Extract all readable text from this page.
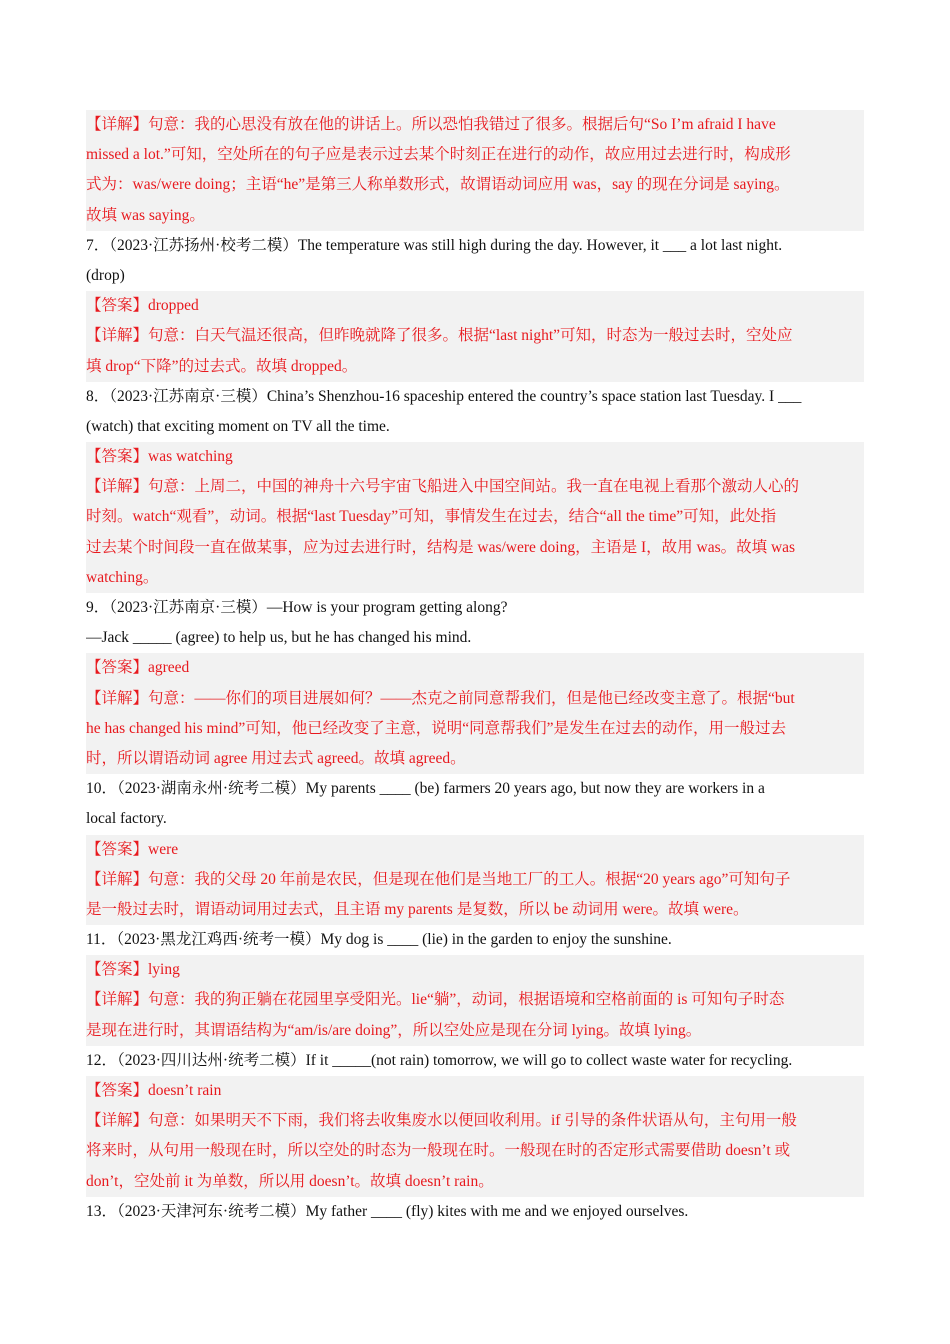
【详解】句意：我的心思没有放在他的讲话上。所以恐怕我错过了很多。根据后句“So I’m afraid I have
missed a lot.”可知，空处所在的句子应是表示过去某个时刻正在进行的动作，故应用过去进行时，构成形
式为：was/were doing；主语“he”是第三人称单数形式，故谓语动词应用 was，say 的现在分词是 saying。
故填 was saying。
7．（2023·江苏扬州·校考二模）The temperature was still high during the day. However, it ___ a lot last night.
(drop)
【答案】dropped
【详解】句意：白天气温还很高，但昨晚就降了很多。根据“last night”可知，时态为一般过去时，空处应
填 drop“下降”的过去式。故填 dropped。
8．（2023·江苏南京·三模）China’s Shenzhou-16 spaceship entered the country’s space station last Tuesday. I ___
(watch) that exciting moment on TV all the time.
【答案】was watching
【详解】句意：上周二，中国的神舟十六号宇宙飞船进入中国空间站。我一直在电视上看那个激动人心的
时刻。watch“观看”，动词。根据“last Tuesday”可知，事情发生在过去，结合“all the time”可知，此处指
过去某个时间段一直在做某事，应为过去进行时，结构是 was/were doing，主语是 I，故用 was。故填 was
watching。
9．（2023·江苏南京·三模）—How is your program getting along?
—Jack _____ (agree) to help us, but he has changed his mind.
【答案】agreed
【详解】句意：——你们的项目进展如何？——杰克之前同意帮我们，但是他已经改变主意了。根据“but
he has changed his mind”可知，他已经改变了主意，说明“同意帮我们”是发生在过去的动作，用一般过去
时，所以谓语动词 agree 用过去式 agreed。故填 agreed。
10．（2023·湖南永州·统考二模）My parents ____ (be) farmers 20 years ago, but now they are workers in a
local factory.
【答案】were
【详解】句意：我的父母 20 年前是农民，但是现在他们是当地工厂的工人。根据“20 years ago”可知句子
是一般过去时，谓语动词用过去式，且主语 my parents 是复数，所以 be 动词用 were。故填 were。
11．（2023·黑龙江鸡西·统考一模）My dog is ____ (lie) in the garden to enjoy the sunshine.
【答案】lying
【详解】句意：我的狗正躺在花园里享受阳光。lie“躺”，动词，根据语境和空格前面的 is 可知句子时态
是现在进行时，其谓语结构为“am/is/are doing”，所以空处应是现在分词 lying。故填 lying。
12．（2023·四川达州·统考二模）If it _____(not rain) tomorrow, we will go to collect waste water for recycling.
【答案】doesn’t rain
【详解】句意：如果明天不下雨，我们将去收集废水以便回收利用。if 引导的条件状语从句，主句用一般
将来时，从句用一般现在时，所以空处的时态为一般现在时。一般现在时的否定形式需要借助 doesn’t 或
don’t，空处前 it 为单数，所以用 doesn’t。故填 doesn’t rain。
13．（2023·天津河东·统考二模）My father ____ (fly) kites with me and we enjoyed ourselves.
